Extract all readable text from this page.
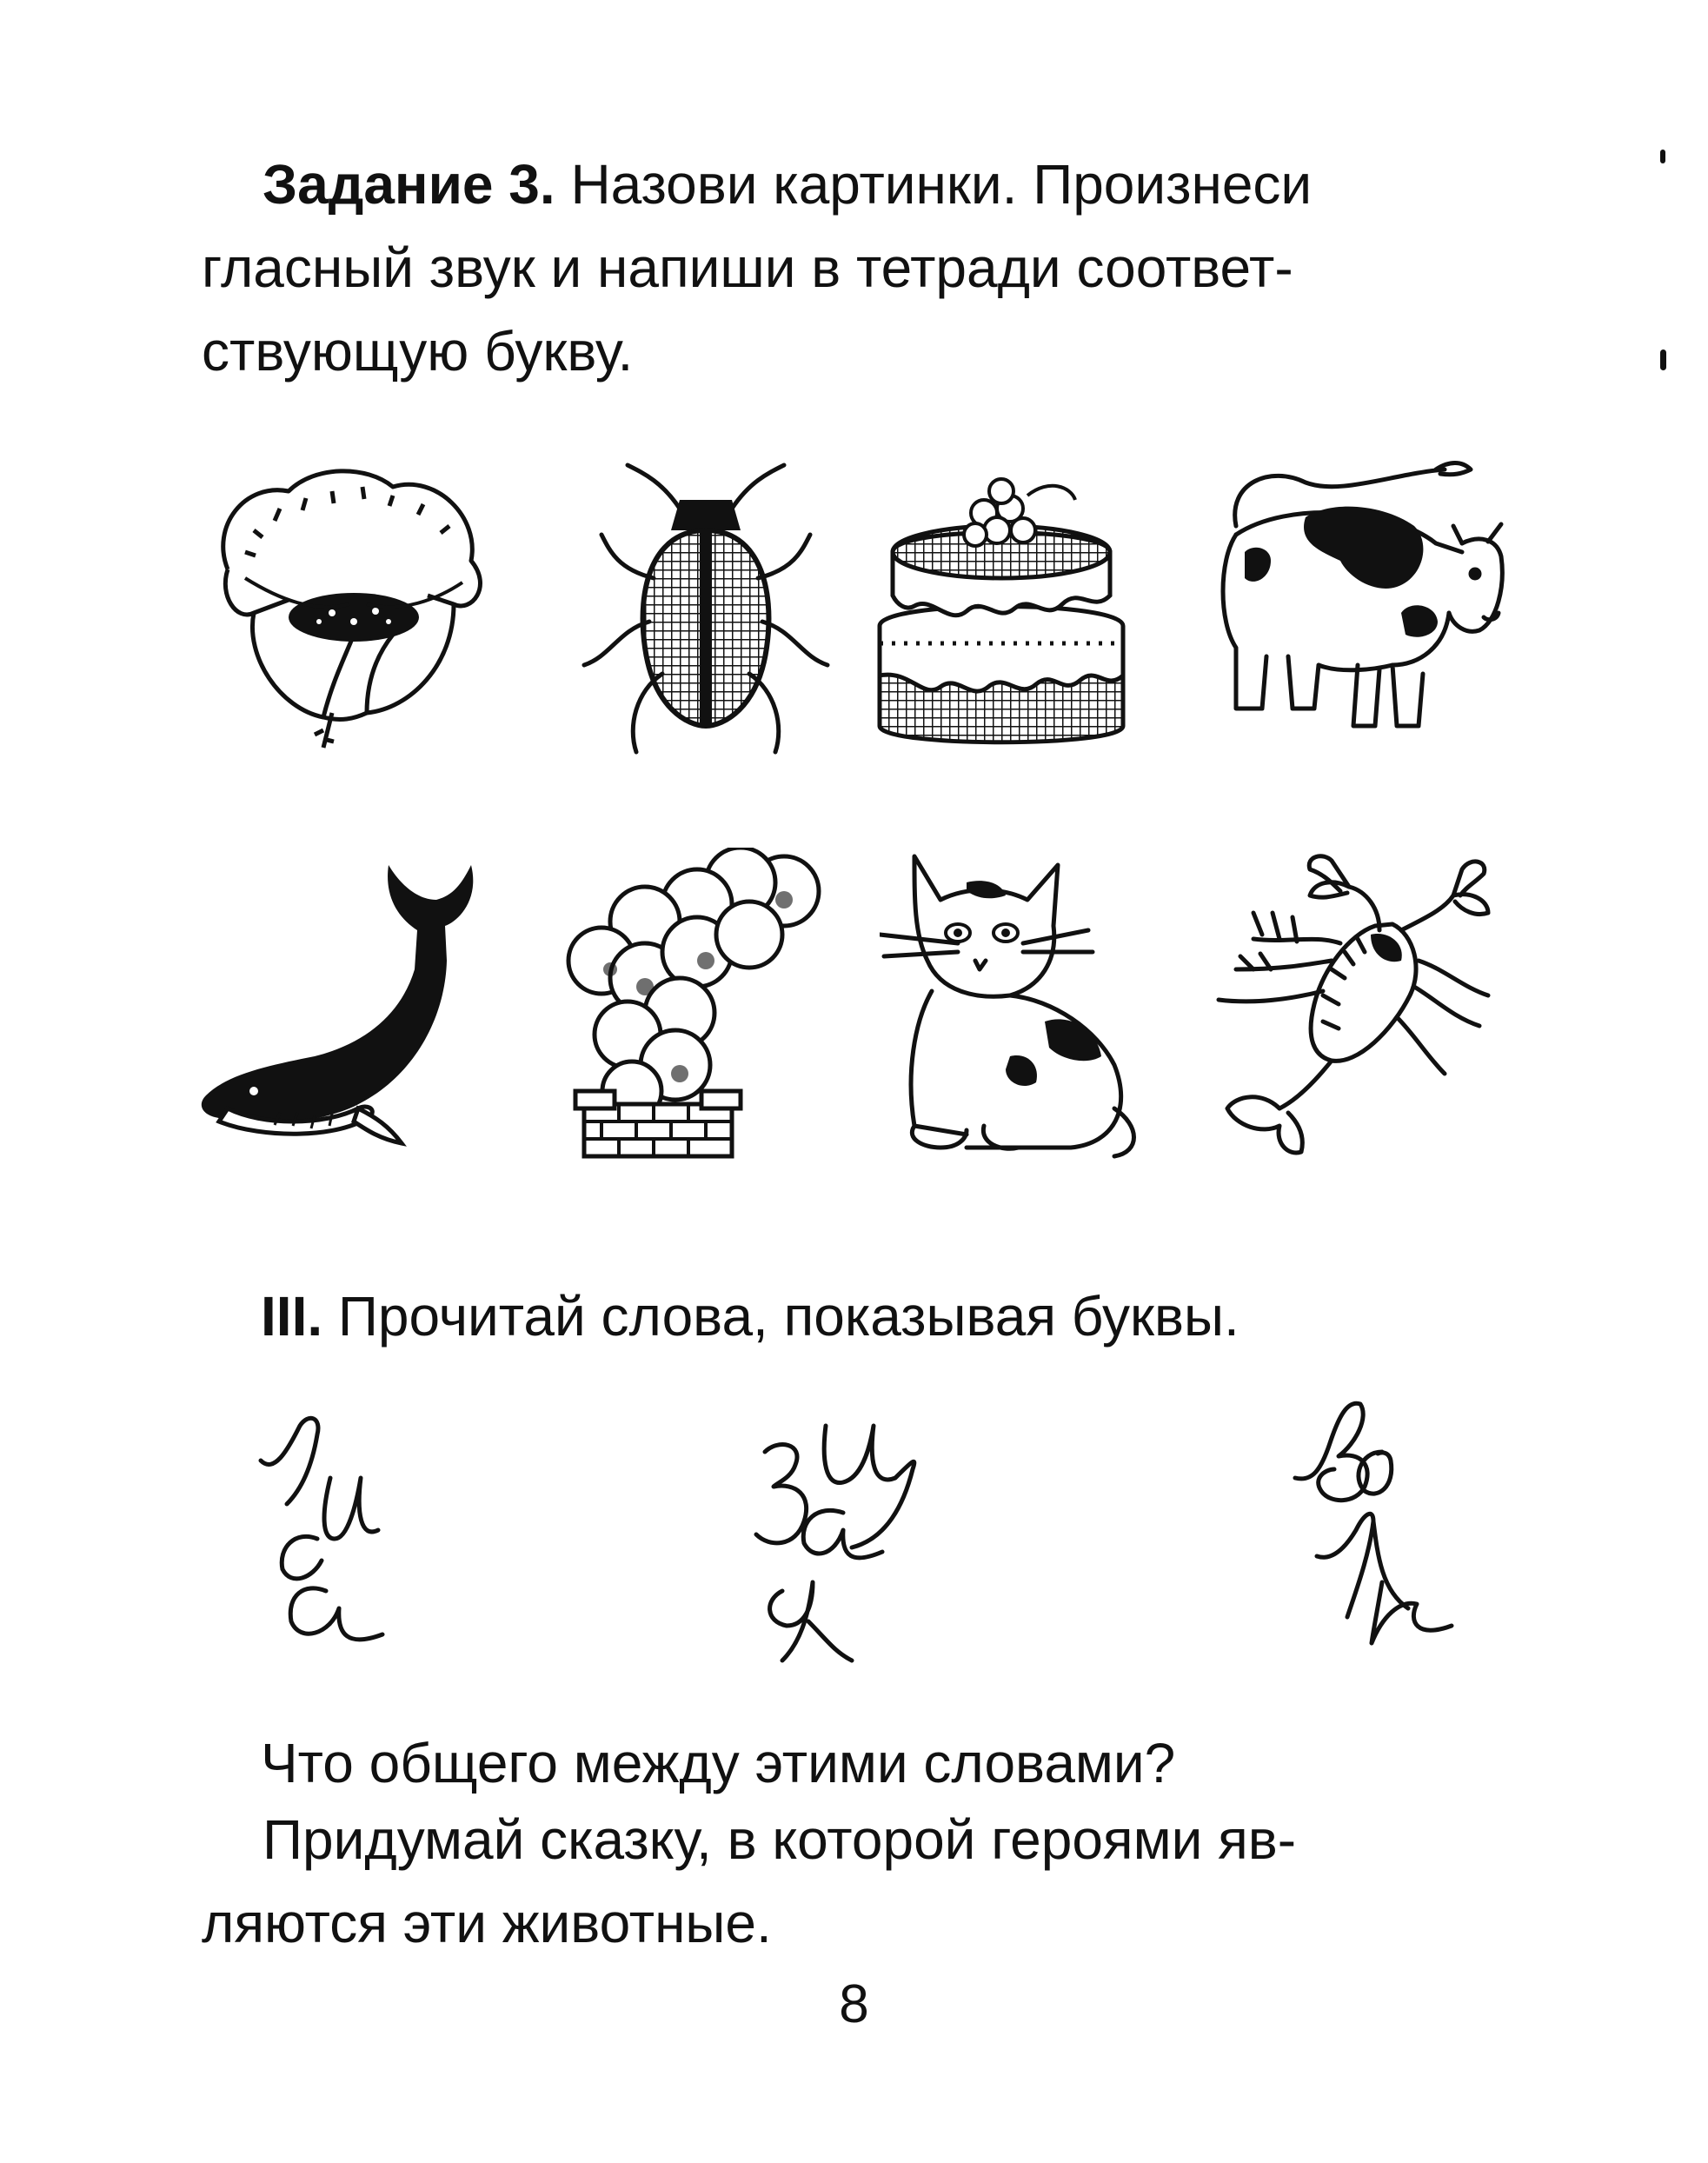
Задание 3. Назови картинки. Произнеси
гласный звук и напиши в тетради соответ-
ствующую букву.

III. Прочитай слова, показывая буквы.

Что общего между этими словами?

Придумай сказку, в которой героями яв-
ляются эти животные.

8
